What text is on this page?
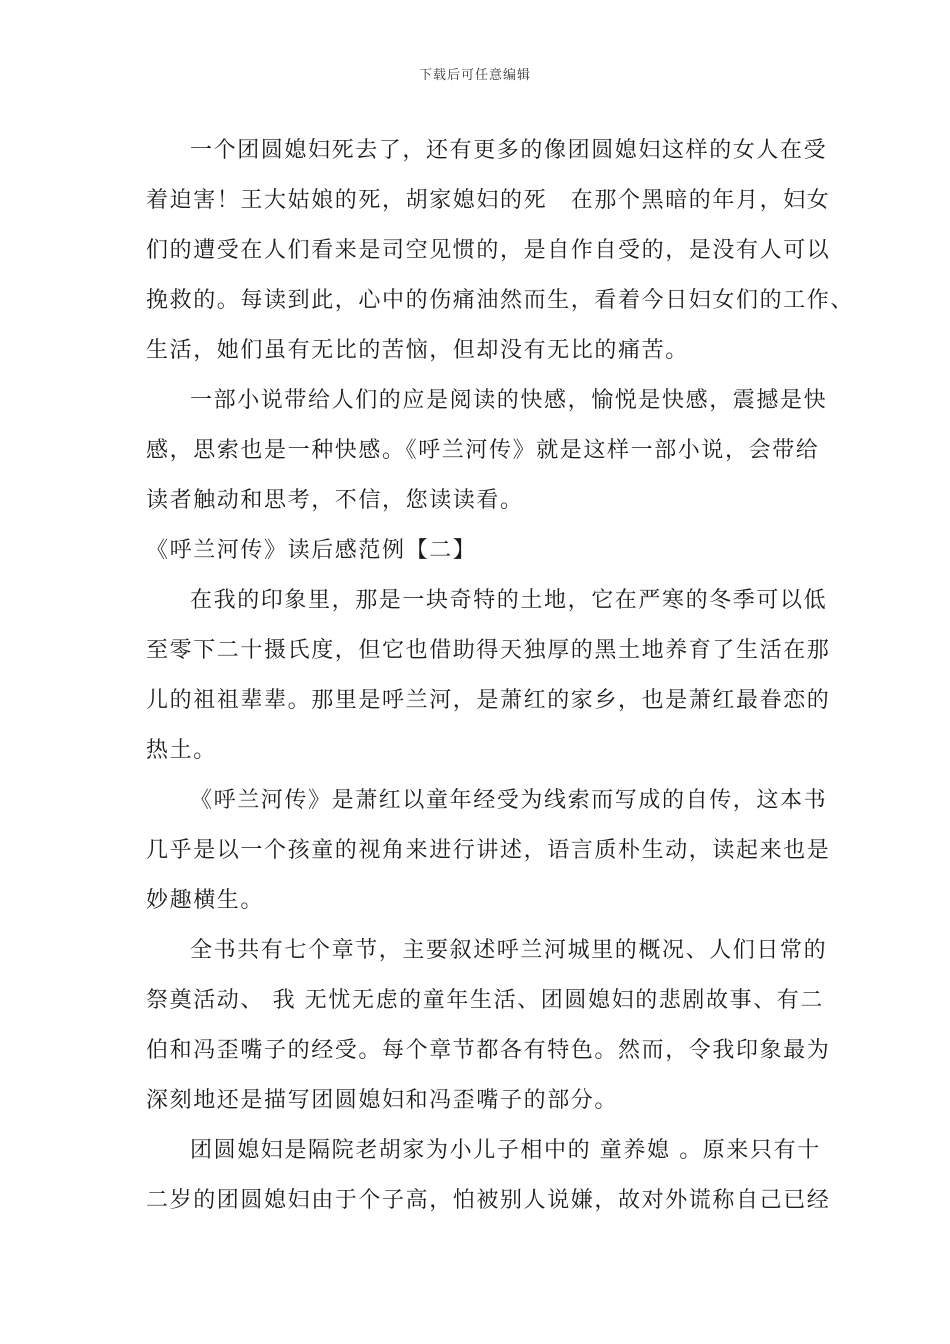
下载后可任意编辑
一个团圆媳妇死去了，还有更多的像团圆媳妇这样的女人在受
着迫害！王大姑娘的死，胡家媳妇的死　在那个黑暗的年月，妇女
们的遭受在人们看来是司空见惯的，是自作自受的，是没有人可以
挽救的。每读到此，心中的伤痛油然而生，看着今日妇女们的工作、
生活，她们虽有无比的苦恼，但却没有无比的痛苦。
一部小说带给人们的应是阅读的快感，愉悦是快感，震撼是快
感，思索也是一种快感。《呼兰河传》就是这样一部小说，会带给
读者触动和思考，不信，您读读看。
《呼兰河传》读后感范例【二】
在我的印象里，那是一块奇特的土地，它在严寒的冬季可以低
至零下二十摄氏度，但它也借助得天独厚的黑土地养育了生活在那
儿的祖祖辈辈。那里是呼兰河，是萧红的家乡，也是萧红最眷恋的
热土。
《呼兰河传》是萧红以童年经受为线索而写成的自传，这本书
几乎是以一个孩童的视角来进行讲述，语言质朴生动，读起来也是
妙趣横生。
全书共有七个章节，主要叙述呼兰河城里的概况、人们日常的
祭奠活动、 我 无忧无虑的童年生活、团圆媳妇的悲剧故事、有二
伯和冯歪嘴子的经受。每个章节都各有特色。然而，令我印象最为
深刻地还是描写团圆媳妇和冯歪嘴子的部分。
团圆媳妇是隔院老胡家为小儿子相中的 童养媳 。原来只有十
二岁的团圆媳妇由于个子高，怕被别人说嫌，故对外谎称自己已经
